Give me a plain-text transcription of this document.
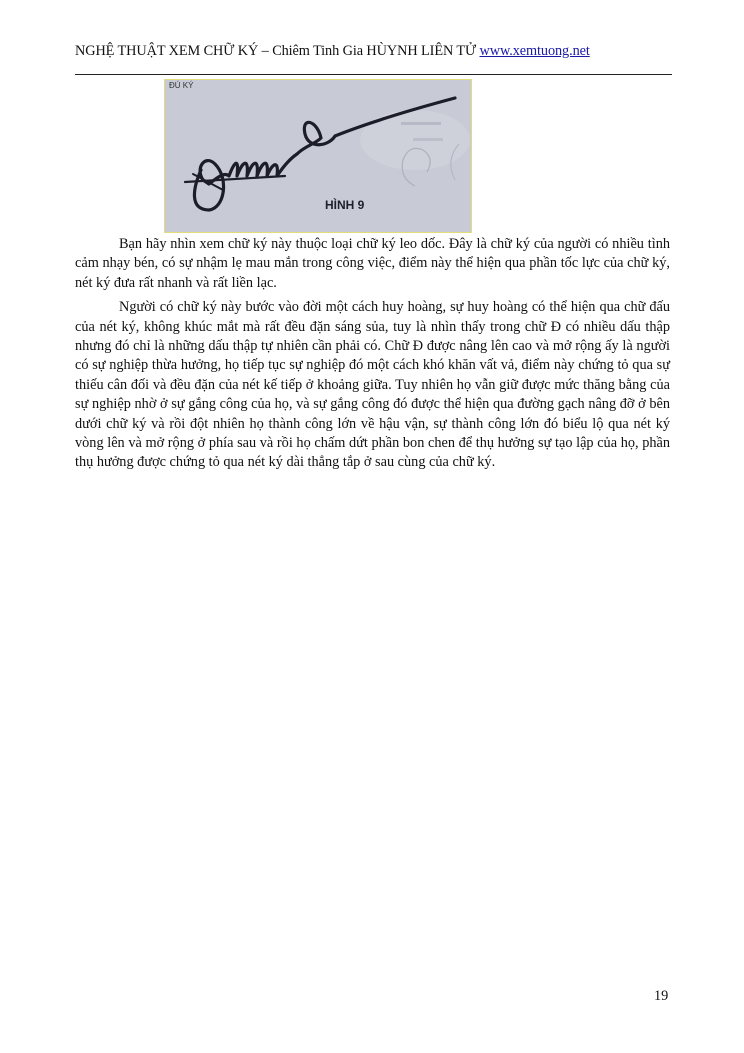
NGHỆ THUẬT XEM CHỮ KÝ – Chiêm Tinh Gia HÙYNH LIÊN TỬ www.xemtuong.net
HÌNH 9
ĐÚ KÝ

Bạn hãy nhìn xem chữ ký này thuộc loại chữ ký leo dốc. Đây là chữ ký của người có nhiều tình cảm nhạy bén, có sự nhậm lẹ mau mắn trong công việc, điểm này thể hiện qua phần tốc lực của chữ ký, nét ký đưa rất nhanh và rất liền lạc.

Người có chữ ký này bước vào đời một cách huy hoàng, sự huy hoàng có thể hiện qua chữ đấu của nét ký, không khúc mắt mà rất đều đặn sáng sủa, tuy là nhìn thấy trong chữ Đ có nhiều dấu thập nhưng đó chỉ là những dấu thập tự nhiên cần phải có. Chữ Đ được nâng lên cao và mở rộng ấy là người có sự nghiệp thừa hưởng, họ tiếp tục sự nghiệp đó một cách khó khăn vất vả, điểm này chứng tỏ qua sự thiếu cân đối và đều đặn của nét kế tiếp ở khoảng giữa. Tuy nhiên họ vẫn giữ được mức thăng bằng của sự nghiệp nhờ ở sự gắng công của họ, và sự gắng công đó được thể hiện qua đường gạch nâng đỡ ở bên dưới chữ ký và rồi đột nhiên họ thành công lớn về hậu vận, sự thành công lớn đó biểu lộ qua nét ký vòng lên và mở rộng ở phía sau và rồi họ chấm dứt phần bon chen để thụ hưởng sự tạo lập của họ, phần thụ hưởng được chứng tỏ qua nét ký dài thẳng tắp ở sau cùng của chữ ký.

19
